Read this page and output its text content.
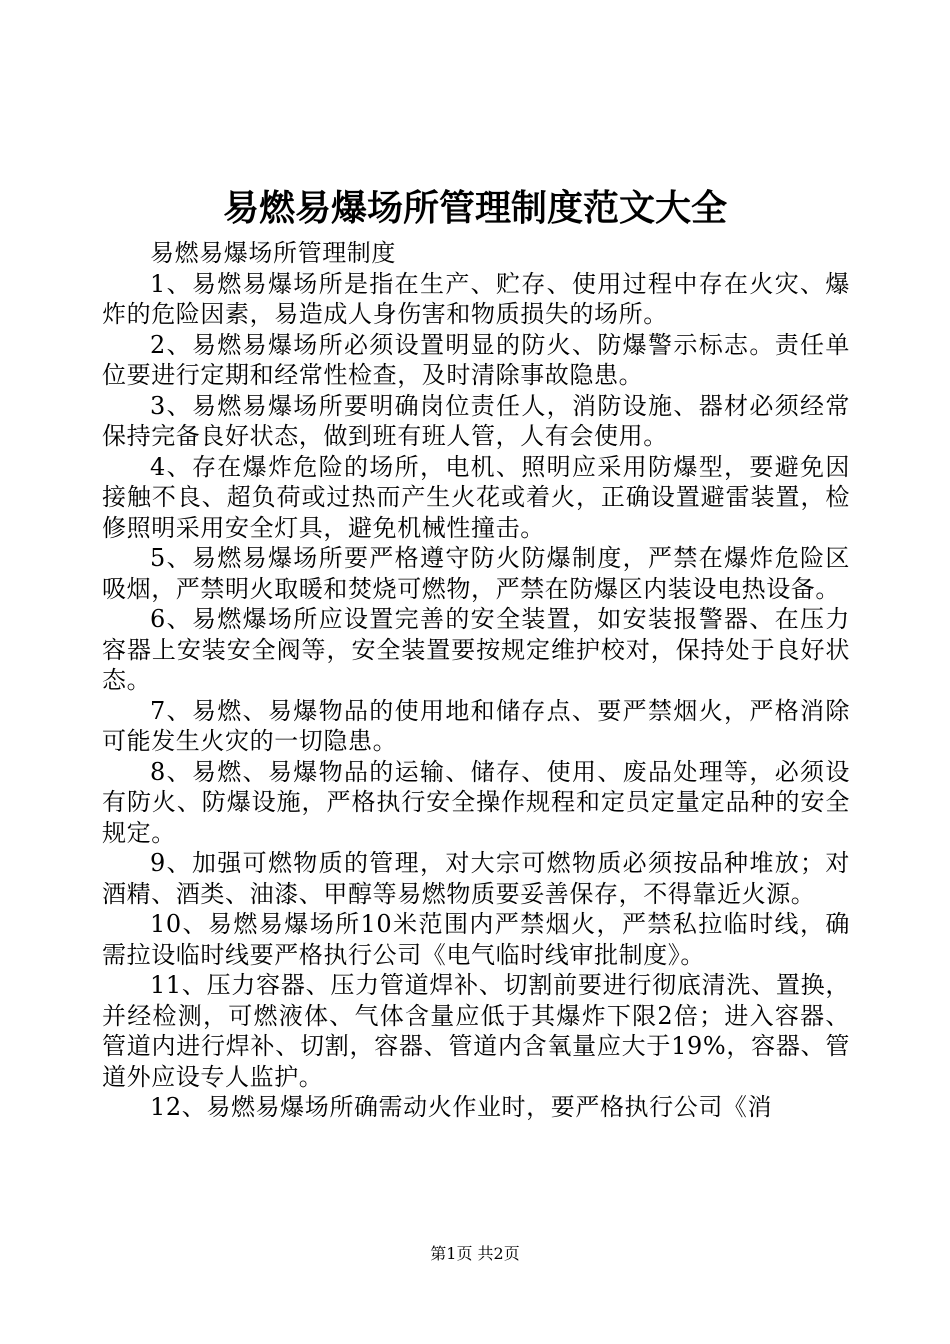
易燃易爆场所管理制度范文大全

易燃易爆场所管理制度

1、易燃易爆场所是指在生产、贮存、使用过程中存在火灾、爆炸的危险因素，易造成人身伤害和物质损失的场所。

2、易燃易爆场所必须设置明显的防火、防爆警示标志。责任单位要进行定期和经常性检查，及时清除事故隐患。

3、易燃易爆场所要明确岗位责任人，消防设施、器材必须经常保持完备良好状态，做到班有班人管，人有会使用。

4、存在爆炸危险的场所，电机、照明应采用防爆型，要避免因接触不良、超负荷或过热而产生火花或着火，正确设置避雷装置，检修照明采用安全灯具，避免机械性撞击。

5、易燃易爆场所要严格遵守防火防爆制度，严禁在爆炸危险区吸烟，严禁明火取暖和焚烧可燃物，严禁在防爆区内装设电热设备。

6、易燃爆场所应设置完善的安全装置，如安装报警器、在压力容器上安装安全阀等，安全装置要按规定维护校对，保持处于良好状态。

7、易燃、易爆物品的使用地和储存点、要严禁烟火，严格消除可能发生火灾的一切隐患。

8、易燃、易爆物品的运输、储存、使用、废品处理等，必须设有防火、防爆设施，严格执行安全操作规程和定员定量定品种的安全规定。

9、加强可燃物质的管理，对大宗可燃物质必须按品种堆放；对酒精、酒类、油漆、甲醇等易燃物质要妥善保存，不得靠近火源。

10、易燃易爆场所10米范围内严禁烟火，严禁私拉临时线，确需拉设临时线要严格执行公司《电气临时线审批制度》。

11、压力容器、压力管道焊补、切割前要进行彻底清洗、置换，并经检测，可燃液体、气体含量应低于其爆炸下限2倍；进入容器、管道内进行焊补、切割，容器、管道内含氧量应大于19%，容器、管道外应设专人监护。

12、易燃易爆场所确需动火作业时，要严格执行公司《消

第1页 共2页
